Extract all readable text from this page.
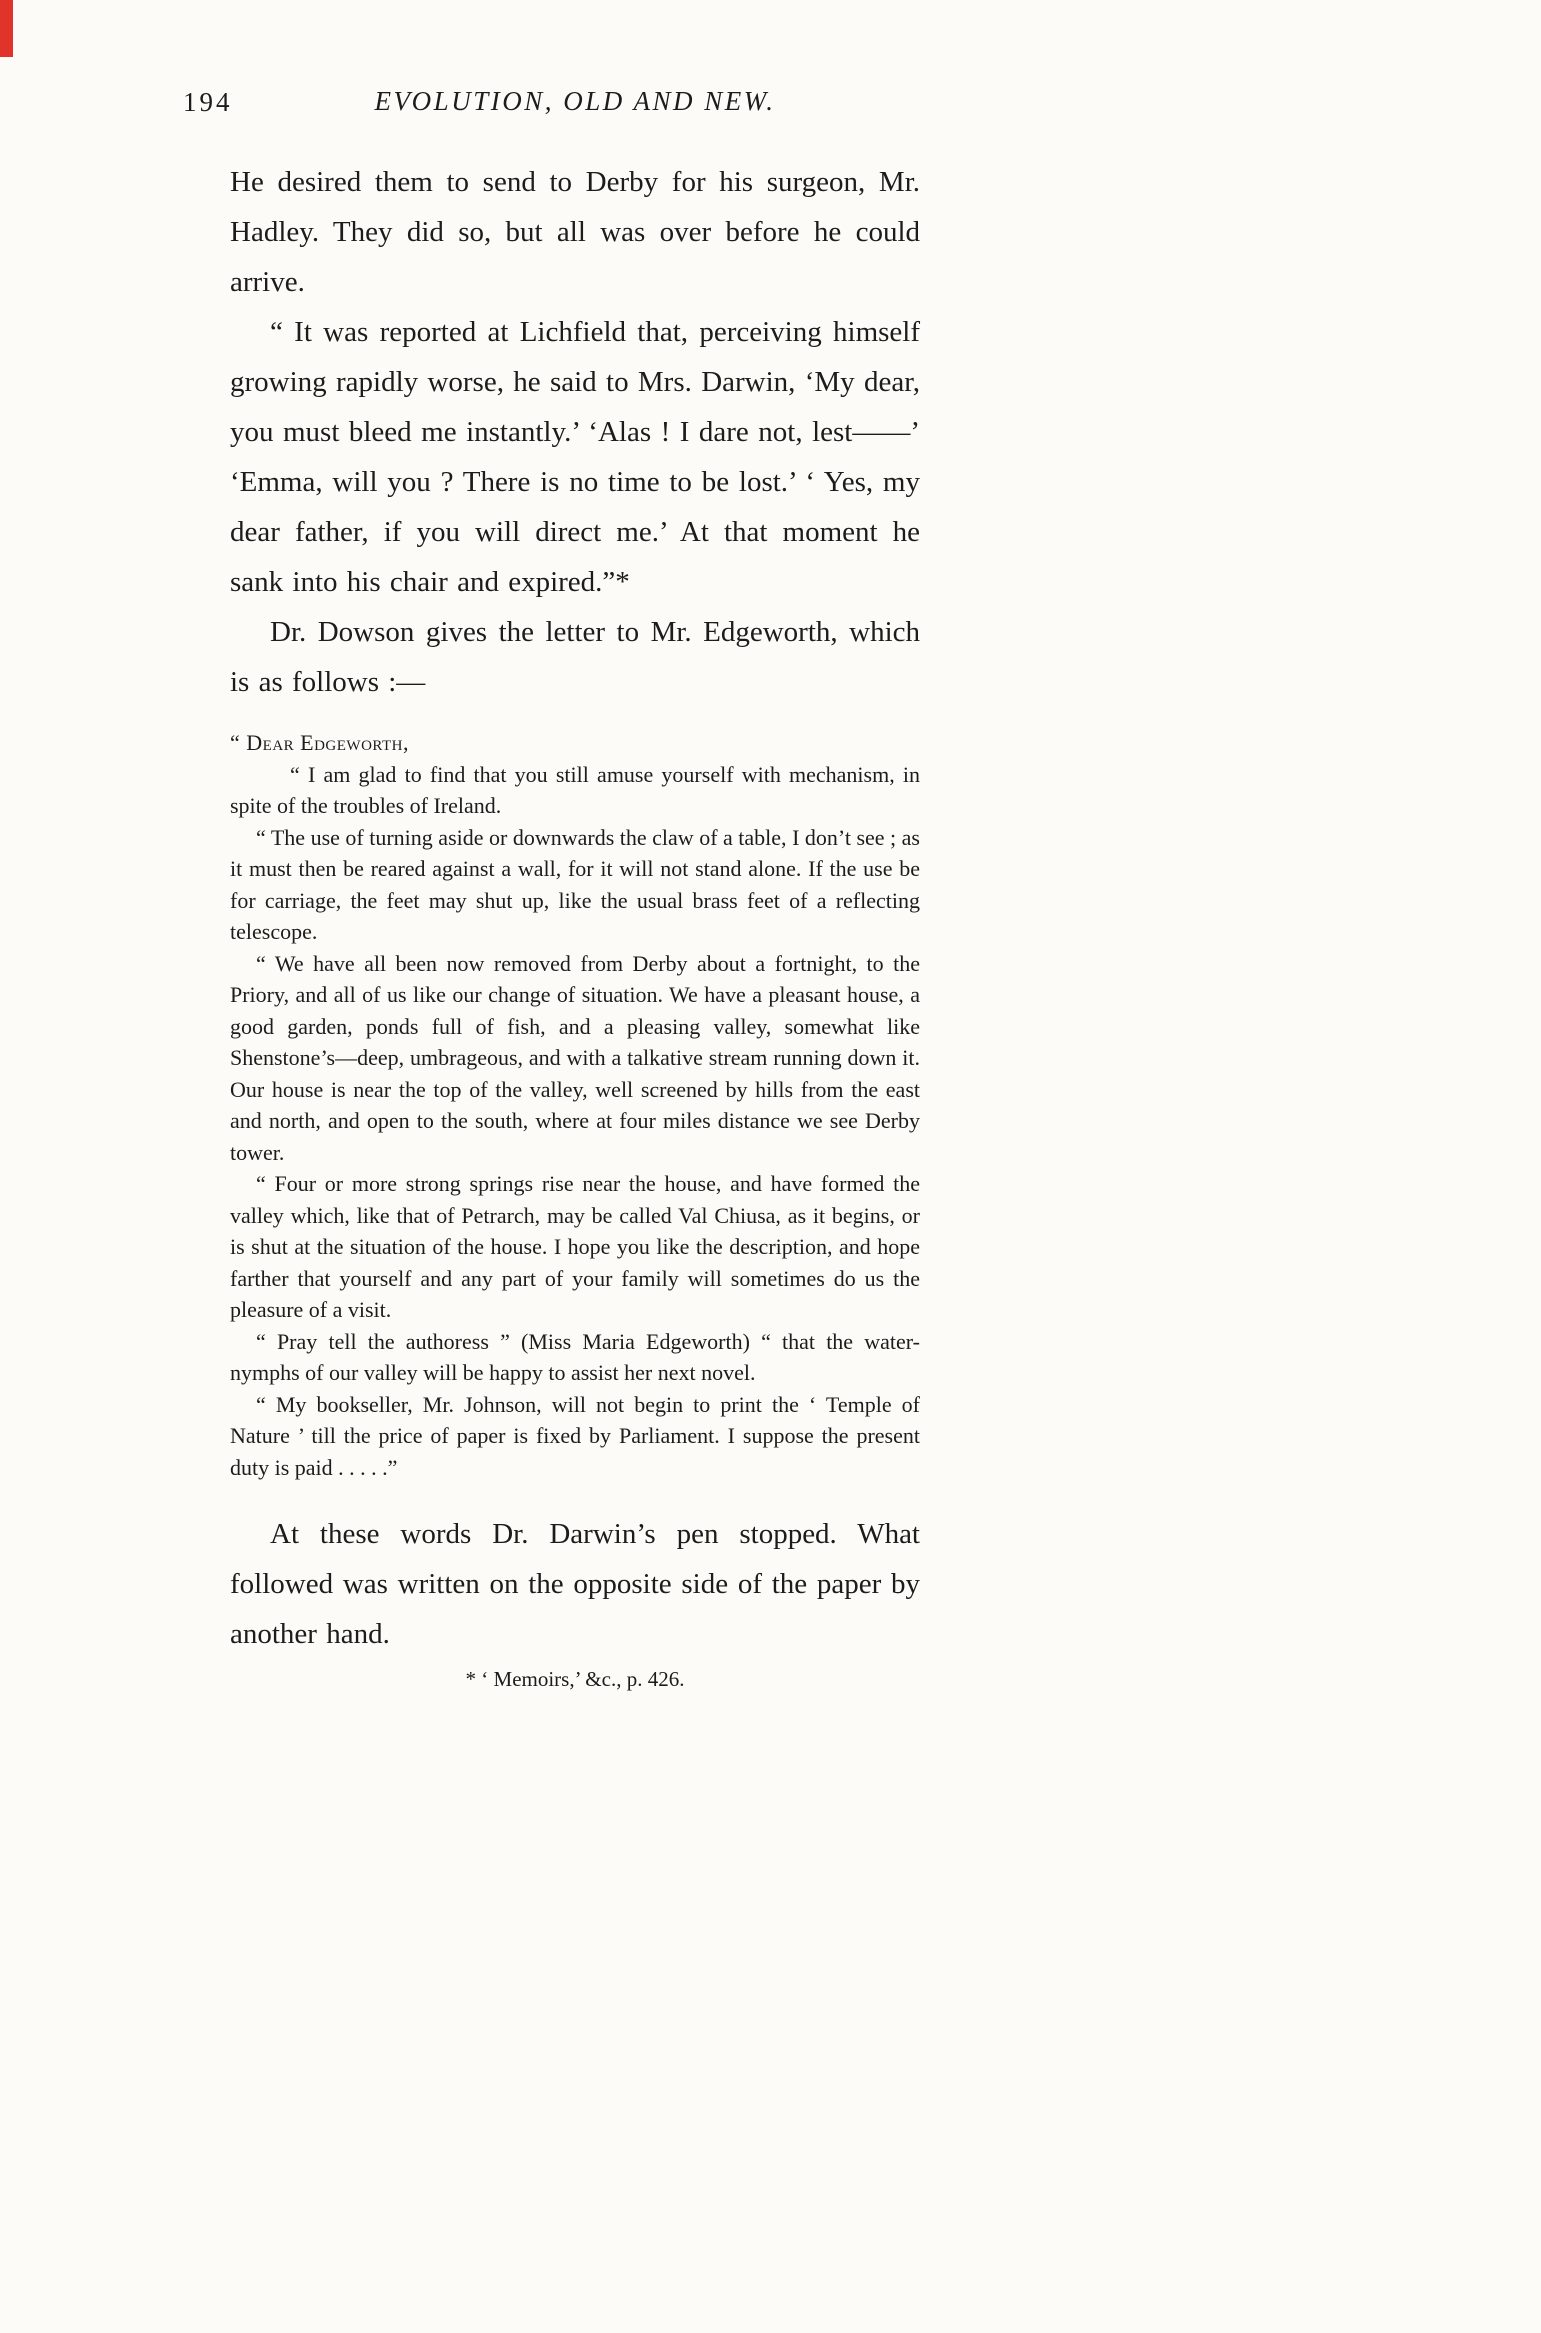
194	EVOLUTION, OLD AND NEW.

He desired them to send to Derby for his surgeon, Mr. Hadley. They did so, but all was over before he could arrive.

“ It was reported at Lichfield that, perceiving himself growing rapidly worse, he said to Mrs. Darwin, ‘My dear, you must bleed me instantly.’ ‘Alas ! I dare not, lest——’ ‘Emma, will you ? There is no time to be lost.’ ‘ Yes, my dear father, if you will direct me.’ At that moment he sank into his chair and expired.”*

Dr. Dowson gives the letter to Mr. Edgeworth, which is as follows :—

“ Dear Edgeworth,

“ I am glad to find that you still amuse yourself with mechanism, in spite of the troubles of Ireland.

“ The use of turning aside or downwards the claw of a table, I don’t see ; as it must then be reared against a wall, for it will not stand alone. If the use be for carriage, the feet may shut up, like the usual brass feet of a reflecting telescope.

“ We have all been now removed from Derby about a fortnight, to the Priory, and all of us like our change of situation. We have a pleasant house, a good garden, ponds full of fish, and a pleasing valley, somewhat like Shenstone’s—deep, umbrageous, and with a talkative stream running down it. Our house is near the top of the valley, well screened by hills from the east and north, and open to the south, where at four miles distance we see Derby tower.

“ Four or more strong springs rise near the house, and have formed the valley which, like that of Petrarch, may be called Val Chiusa, as it begins, or is shut at the situation of the house. I hope you like the description, and hope farther that yourself and any part of your family will sometimes do us the pleasure of a visit.

“ Pray tell the authoress ” (Miss Maria Edgeworth) “ that the water-nymphs of our valley will be happy to assist her next novel.

“ My bookseller, Mr. Johnson, will not begin to print the ‘ Temple of Nature ’ till the price of paper is fixed by Parliament. I suppose the present duty is paid . . . . .”

At these words Dr. Darwin’s pen stopped. What followed was written on the opposite side of the paper by another hand.

* ‘ Memoirs,’ &c., p. 426.
